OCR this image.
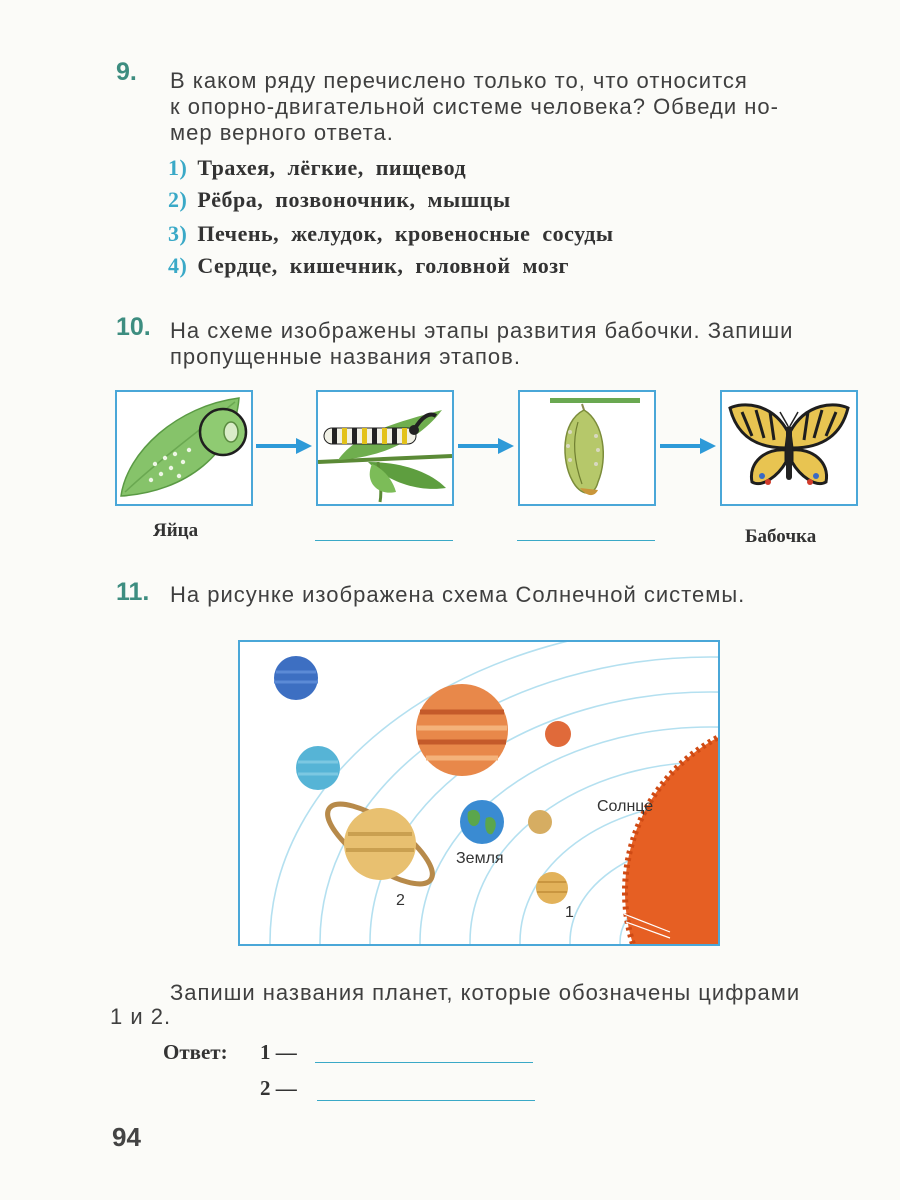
9. В каком ряду перечислено только то, что относится
к опорно-двигательной системе человека? Обведи но-
мер верного ответа.
1) Трахея, лёгкие, пищевод
2) Рёбра, позвоночник, мышцы
3) Печень, желудок, кровеносные сосуды
4) Сердце, кишечник, головной мозг
10. На схеме изображены этапы развития бабочки. Запиши
пропущенные названия этапов.
Яйца	Бабочка
11. На рисунке изображена схема Солнечной системы.
Солнце
Земля
1
2
Запиши названия планет, которые обозначены цифрами
1 и 2.
Ответ: 1 —
2 —
94
